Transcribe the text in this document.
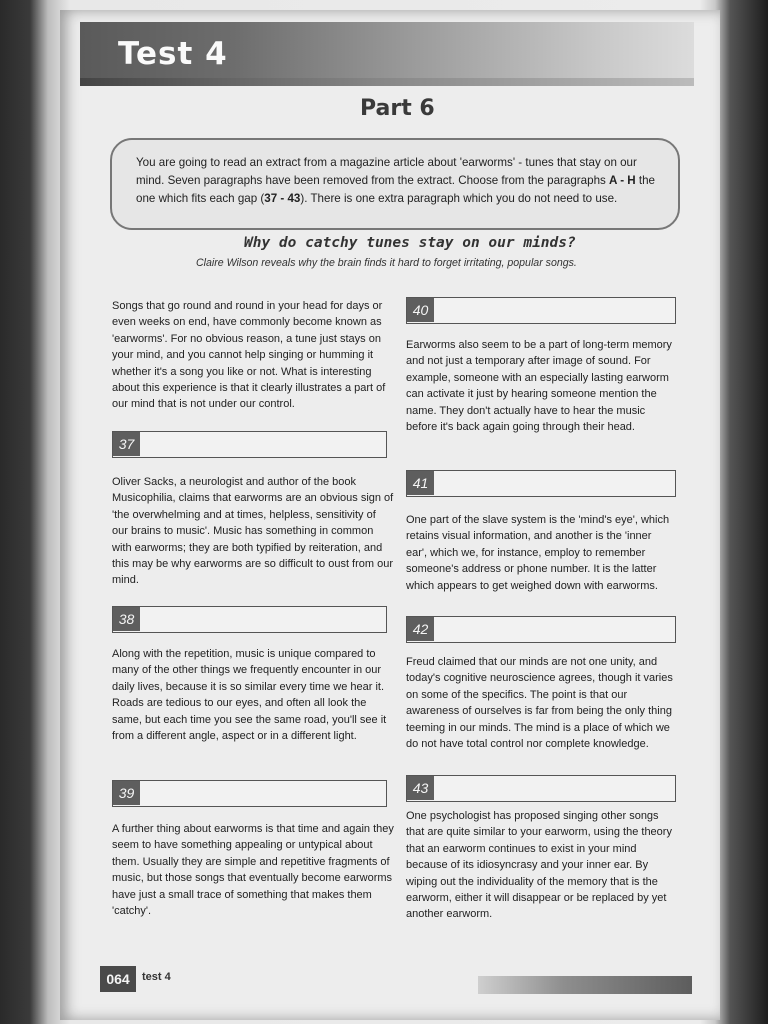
Test 4
Part 6
You are going to read an extract from a magazine article about 'earworms' - tunes that stay on our mind. Seven paragraphs have been removed from the extract. Choose from the paragraphs A - H the one which fits each gap (37 - 43). There is one extra paragraph which you do not need to use.
Why do catchy tunes stay on our minds?
Claire Wilson reveals why the brain finds it hard to forget irritating, popular songs.
Songs that go round and round in your head for days or even weeks on end, have commonly become known as 'earworms'. For no obvious reason, a tune just stays on your mind, and you cannot help singing or humming it whether it's a song you like or not. What is interesting about this experience is that it clearly illustrates a part of our mind that is not under our control.
37
Oliver Sacks, a neurologist and author of the book Musicophilia, claims that earworms are an obvious sign of 'the overwhelming and at times, helpless, sensitivity of our brains to music'. Music has something in common with earworms; they are both typified by reiteration, and this may be why earworms are so difficult to oust from our mind.
38
Along with the repetition, music is unique compared to many of the other things we frequently encounter in our daily lives, because it is so similar every time we hear it. Roads are tedious to our eyes, and often all look the same, but each time you see the same road, you'll see it from a different angle, aspect or in a different light.
39
A further thing about earworms is that time and again they seem to have something appealing or untypical about them. Usually they are simple and repetitive fragments of music, but those songs that eventually become earworms have just a small trace of something that makes them 'catchy'.
40
Earworms also seem to be a part of long-term memory and not just a temporary after image of sound. For example, someone with an especially lasting earworm can activate it just by hearing someone mention the name. They don't actually have to hear the music before it's back again going through their head.
41
One part of the slave system is the 'mind's eye', which retains visual information, and another is the 'inner ear', which we, for instance, employ to remember someone's address or phone number. It is the latter which appears to get weighed down with earworms.
42
Freud claimed that our minds are not one unity, and today's cognitive neuroscience agrees, though it varies on some of the specifics. The point is that our awareness of ourselves is far from being the only thing teeming in our minds. The mind is a place of which we do not have total control nor complete knowledge.
43
One psychologist has proposed singing other songs that are quite similar to your earworm, using the theory that an earworm continues to exist in your mind because of its idiosyncrasy and your inner ear. By wiping out the individuality of the memory that is the earworm, either it will disappear or be replaced by yet another earworm.
064	test 4
